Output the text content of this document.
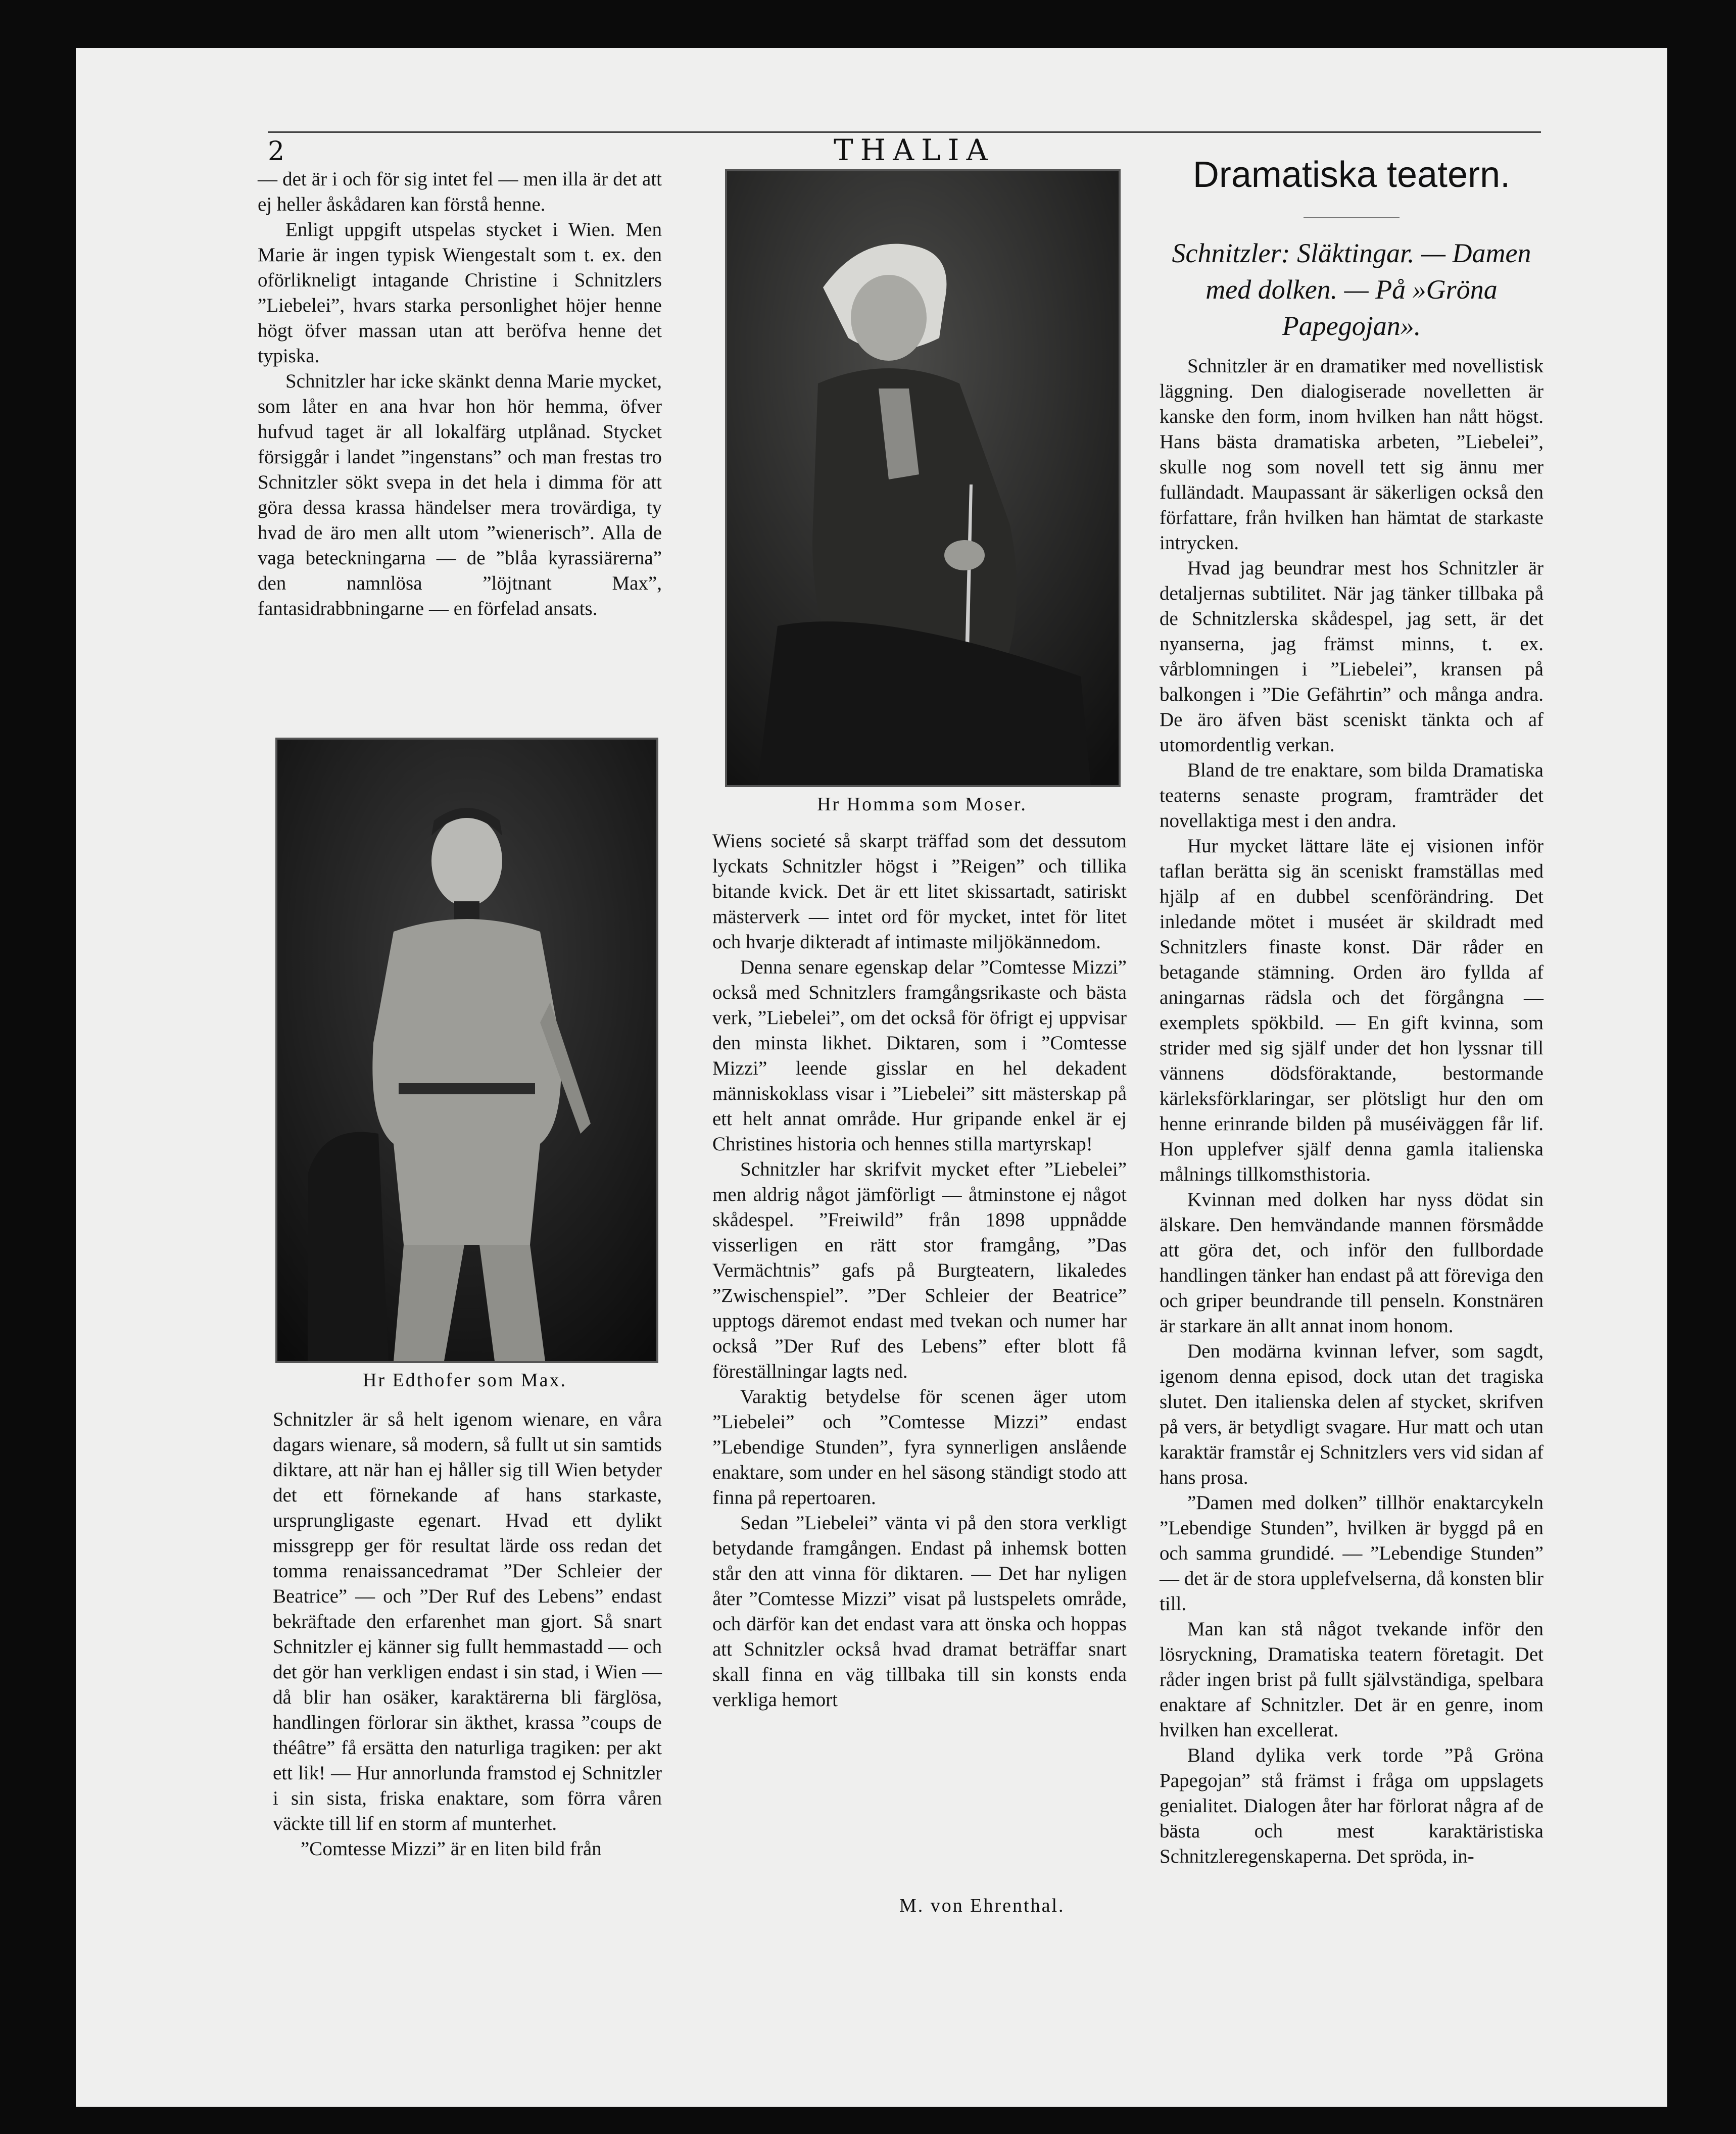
2	THALIA

— det är i och för sig intet fel — men illa är det att ej heller åskådaren kan förstå henne.

Enligt uppgift utspelas stycket i Wien. Men Marie är ingen typisk Wiengestalt som t. ex. den oförlikneligt intagande Christine i Schnitzlers ”Liebelei”, hvars starka personlighet höjer henne högt öfver massan utan att beröfva henne det typiska.

Schnitzler har icke skänkt denna Marie mycket, som låter en ana hvar hon hör hemma, öfver hufvud taget är all lokalfärg utplånad. Stycket försiggår i landet ”ingenstans” och man frestas tro Schnitzler sökt svepa in det hela i dimma för att göra dessa krassa händelser mera trovärdiga, ty hvad de äro men allt utom ”wienerisch”. Alla de vaga beteckningarna — de ”blåa kyrassiärerna” den namnlösa ”löjtnant Max”, fantasidrabbningarne — en förfelad ansats.

Hr Edthofer som Max.

Schnitzler är så helt igenom wienare, en våra dagars wienare, så modern, så fullt ut sin samtids diktare, att när han ej håller sig till Wien betyder det ett förnekande af hans starkaste, ursprungligaste egenart. Hvad ett dylikt missgrepp ger för resultat lärde oss redan det tomma renaissancedramat ”Der Schleier der Beatrice” — och ”Der Ruf des Lebens” endast bekräftade den erfarenhet man gjort. Så snart Schnitzler ej känner sig fullt hemmastadd — och det gör han verkligen endast i sin stad, i Wien — då blir han osäker, karaktärerna bli färglösa, handlingen förlorar sin äkthet, krassa ”coups de théâtre” få ersätta den naturliga tragiken: per akt ett lik! — Hur annorlunda framstod ej Schnitzler i sin sista, friska enaktare, som förra våren väckte till lif en storm af munterhet.

”Comtesse Mizzi” är en liten bild från

Hr Homma som Moser.

Wiens societé så skarpt träffad som det dessutom lyckats Schnitzler högst i ”Reigen” och tillika bitande kvick. Det är ett litet skissartadt, satiriskt mästerverk — intet ord för mycket, intet för litet och hvarje dikteradt af intimaste miljökännedom.

Denna senare egenskap delar ”Comtesse Mizzi” också med Schnitzlers framgångsrikaste och bästa verk, ”Liebelei”, om det också för öfrigt ej uppvisar den minsta likhet. Diktaren, som i ”Comtesse Mizzi” leende gisslar en hel dekadent människoklass visar i ”Liebelei” sitt mästerskap på ett helt annat område. Hur gripande enkel är ej Christines historia och hennes stilla martyrskap!

Schnitzler har skrifvit mycket efter ”Liebelei” men aldrig något jämförligt — åtminstone ej något skådespel. ”Freiwild” från 1898 uppnådde visserligen en rätt stor framgång, ”Das Vermächtnis” gafs på Burgteatern, likaledes ”Zwischenspiel”. ”Der Schleier der Beatrice” upptogs däremot endast med tvekan och numer har också ”Der Ruf des Lebens” efter blott få föreställningar lagts ned.

Varaktig betydelse för scenen äger utom ”Liebelei” och ”Comtesse Mizzi” endast ”Lebendige Stunden”, fyra synnerligen anslående enaktare, som under en hel säsong ständigt stodo att finna på repertoaren.

Sedan ”Liebelei” vänta vi på den stora verkligt betydande framgången. Endast på inhemsk botten står den att vinna för diktaren. — Det har nyligen åter ”Comtesse Mizzi” visat på lustspelets område, och därför kan det endast vara att önska och hoppas att Schnitzler också hvad dramat beträffar snart skall finna en väg tillbaka till sin konsts enda verkliga hemort

M. von Ehrenthal.
Dramatiska teatern.
Schnitzler: Släktingar. — Damen med dolken. — På »Gröna Papegojan».

Schnitzler är en dramatiker med novellistisk läggning. Den dialogiserade novelletten är kanske den form, inom hvilken han nått högst. Hans bästa dramatiska arbeten, ”Liebelei”, skulle nog som novell tett sig ännu mer fulländadt. Maupassant är säkerligen också den författare, från hvilken han hämtat de starkaste intrycken.

Hvad jag beundrar mest hos Schnitzler är detaljernas subtilitet. När jag tänker tillbaka på de Schnitzlerska skådespel, jag sett, är det nyanserna, jag främst minns, t. ex. vårblomningen i ”Liebelei”, kransen på balkongen i ”Die Gefährtin” och många andra. De äro äfven bäst sceniskt tänkta och af utomordentlig verkan.

Bland de tre enaktare, som bilda Dramatiska teaterns senaste program, framträder det novellaktiga mest i den andra.

Hur mycket lättare läte ej visionen inför taflan berätta sig än sceniskt framställas med hjälp af en dubbel scenförändring. Det inledande mötet i muséet är skildradt med Schnitzlers finaste konst. Där råder en betagande stämning. Orden äro fyllda af aningarnas rädsla och det förgångna — exemplets spökbild. — En gift kvinna, som strider med sig själf under det hon lyssnar till vännens dödsföraktande, bestormande kärleksförklaringar, ser plötsligt hur den om henne erinrande bilden på muséiväggen får lif. Hon upplefver själf denna gamla italienska målnings tillkomsthistoria.

Kvinnan med dolken har nyss dödat sin älskare. Den hemvändande mannen försmådde att göra det, och inför den fullbordade handlingen tänker han endast på att föreviga den och griper beundrande till penseln. Konstnären är starkare än allt annat inom honom.

Den modärna kvinnan lefver, som sagdt, igenom denna episod, dock utan det tragiska slutet. Den italienska delen af stycket, skrifven på vers, är betydligt svagare. Hur matt och utan karaktär framstår ej Schnitzlers vers vid sidan af hans prosa.

”Damen med dolken” tillhör enaktarcykeln ”Lebendige Stunden”, hvilken är byggd på en och samma grundidé. — ”Lebendige Stunden” — det är de stora upplefvelserna, då konsten blir till.

Man kan stå något tvekande inför den lösryckning, Dramatiska teatern företagit. Det råder ingen brist på fullt självständiga, spelbara enaktare af Schnitzler. Det är en genre, inom hvilken han excellerat.

Bland dylika verk torde ”På Gröna Papegojan” stå främst i fråga om uppslagets genialitet. Dialogen åter har förlorat några af de bästa och mest karaktäristiska Schnitzleregenskaperna. Det spröda, in-
